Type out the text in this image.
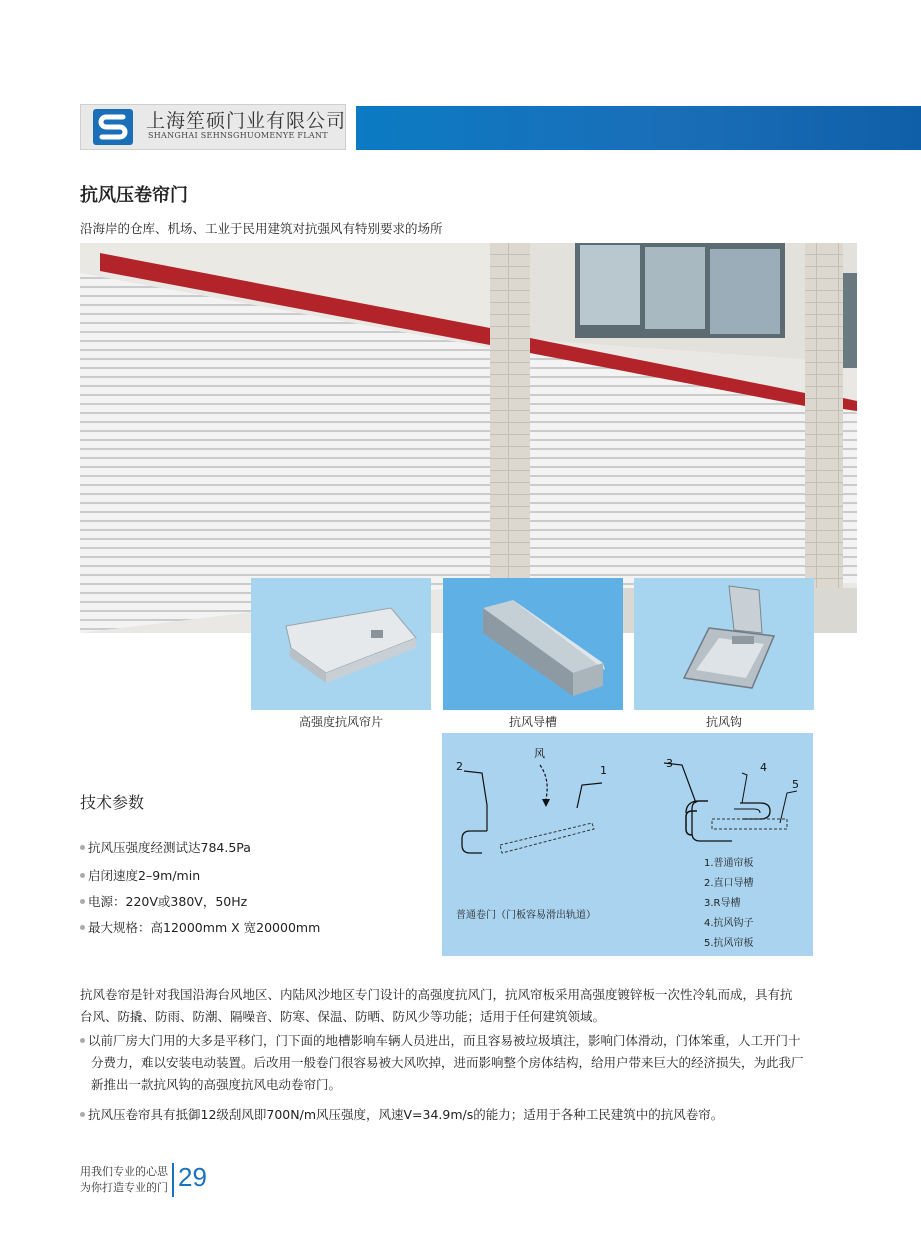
上海笙硕门业有限公司
SHANGHAI SEHNSGHUOMENYE FLANT
抗风压卷帘门
沿海岸的仓库、机场、工业于民用建筑对抗强风有特别要求的场所
高强度抗风帘片	抗风导槽	抗风钩
技术参数
抗风压强度经测试达784.5Pa
启闭速度2–9m/min
电源：220V或380V，50Hz
最大规格：高12000mm X 宽20000mm
风
2	1
普通卷门（门板容易滑出轨道）
3	4
5
1.普通帘板
2.直口导槽
3.R导槽
4.抗风钩子
5.抗风帘板

抗风卷帘是针对我国沿海台风地区、内陆风沙地区专门设计的高强度抗风门，抗风帘板采用高强度镀锌板一次性冷轧而成，具有抗

台风、防撬、防雨、防潮、隔噪音、防寒、保温、防晒、防风少等功能；适用于任何建筑领域。

以前厂房大门用的大多是平移门，门下面的地槽影响车辆人员进出，而且容易被垃圾填注，影响门体滑动，门体笨重，人工开门十

分费力，难以安装电动装置。后改用一般卷门很容易被大风吹掉，进而影响整个房体结构，给用户带来巨大的经济损失，为此我厂

新推出一款抗风钩的高强度抗风电动卷帘门。

抗风压卷帘具有抵御12级刮风即700N/m风压强度，风速V=34.9m/s的能力；适用于各种工民建筑中的抗风卷帘。

用我们专业的心思
为你打造专业的门 29
